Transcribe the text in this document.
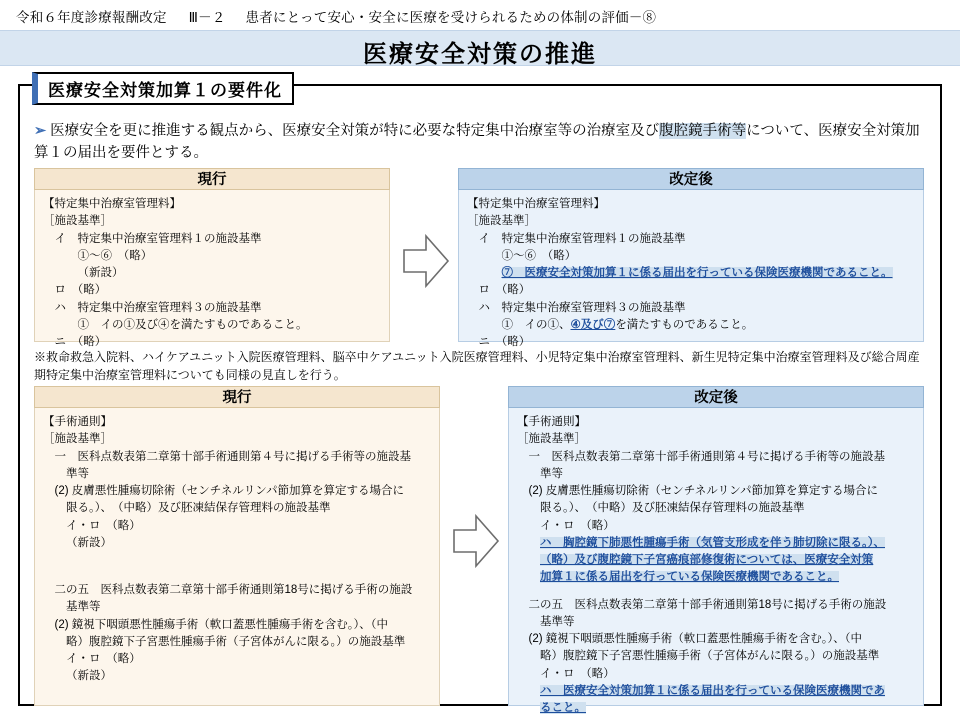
令和６年度診療報酬改定 Ⅲ－２ 患者にとって安心・安全に医療を受けられるための体制の評価－⑧
医療安全対策の推進
医療安全対策加算１の要件化
➢ 医療安全を更に推進する観点から、医療安全対策が特に必要な特定集中治療室等の治療室及び腹腔鏡手術等について、医療安全対策加算１の届出を要件とする。
現行
【特定集中治療室管理料】
［施設基準］
イ　特定集中治療室管理料１の施設基準
①～⑥　（略）
（新設）
ロ　（略）
ハ　特定集中治療室管理料３の施設基準
①　イの①及び④を満たすものであること。
ニ　（略）
改定後
【特定集中治療室管理料】
［施設基準］
イ　特定集中治療室管理料１の施設基準
①～⑥　（略）
⑦　医療安全対策加算１に係る届出を行っている保険医療機関であること。
ロ　（略）
ハ　特定集中治療室管理料３の施設基準
①　イの①、④及び⑦を満たすものであること。
ニ　（略）
※救命救急入院料、ハイケアユニット入院医療管理料、脳卒中ケアユニット入院医療管理料、小児特定集中治療室管理料、新生児特定集中治療室管理料及び総合周産期特定集中治療室管理料についても同様の見直しを行う。
現行
【手術通則】
［施設基準］
一　医科点数表第二章第十部手術通則第４号に掲げる手術等の施設基
準等
(2) 皮膚悪性腫瘍切除術（センチネルリンパ節加算を算定する場合に
限る。）、　（中略）及び胚凍結保存管理料の施設基準
イ・ロ　（略）
（新設）
二の五　医科点数表第二章第十部手術通則第18号に掲げる手術の施設
基準等
(2) 鏡視下咽頭悪性腫瘍手術（軟口蓋悪性腫瘍手術を含む。）、（中
略）腹腔鏡下子宮悪性腫瘍手術（子宮体がんに限る。）の施設基準
イ・ロ　（略）
（新設）
改定後
【手術通則】
［施設基準］
一　医科点数表第二章第十部手術通則第４号に掲げる手術等の施設基
準等
(2) 皮膚悪性腫瘍切除術（センチネルリンパ節加算を算定する場合に
限る。）、　（中略）及び胚凍結保存管理料の施設基準
イ・ロ　（略）
ハ　胸腔鏡下肺悪性腫瘍手術（気管支形成を伴う肺切除に限る。）、
（略）及び腹腔鏡下子宮癌痕部修復術については、医療安全対策
加算１に係る届出を行っている保険医療機関であること。
二の五　医科点数表第二章第十部手術通則第18号に掲げる手術の施設
基準等
(2) 鏡視下咽頭悪性腫瘍手術（軟口蓋悪性腫瘍手術を含む。）、（中
略）腹腔鏡下子宮悪性腫瘍手術（子宮体がんに限る。）の施設基準
イ・ロ　（略）
ハ　医療安全対策加算１に係る届出を行っている保険医療機関であ
ること。
